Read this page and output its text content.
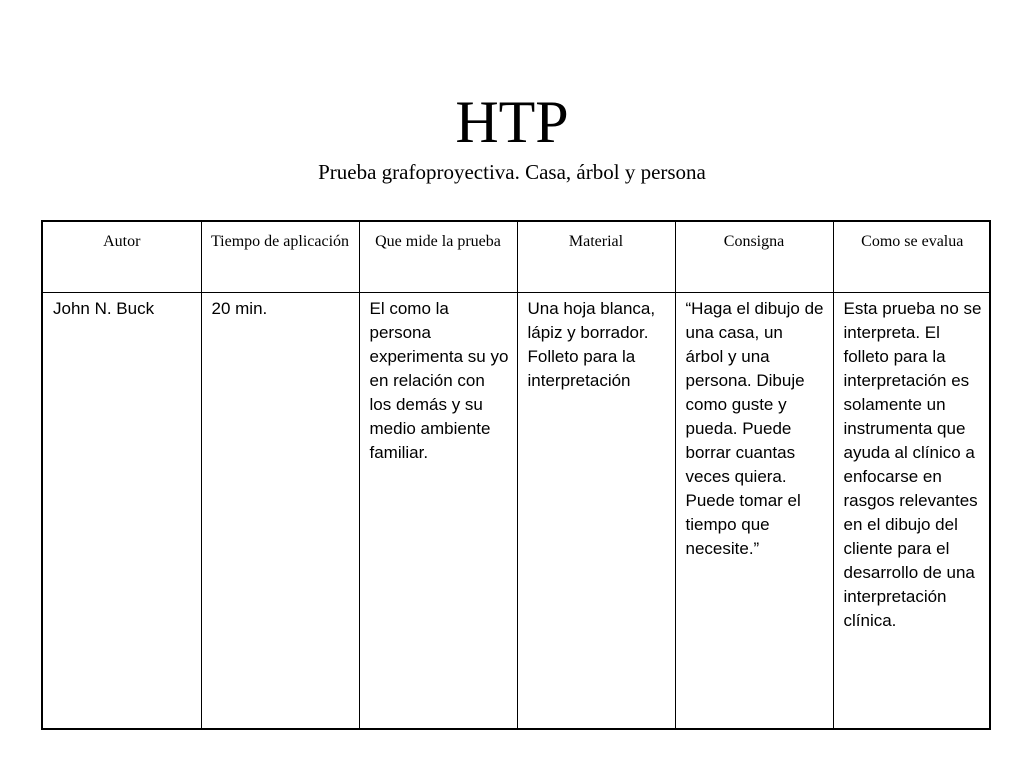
HTP
Prueba grafoproyectiva. Casa, árbol y persona
Autor	Tiempo de aplicación	Que mide la prueba	Material	Consigna	Como se evalua
John N. Buck	20 min.	El como la persona experimenta su yo en relación con los demás y su medio ambiente familiar.	Una hoja blanca, lápiz y borrador. Folleto para la interpretación	“Haga el dibujo de una casa, un árbol y una persona. Dibuje como guste y pueda. Puede borrar cuantas veces quiera. Puede tomar el tiempo que necesite.”	Esta prueba no se interpreta. El folleto para la interpretación es solamente un instrumenta que ayuda al clínico a enfocarse en rasgos relevantes en el dibujo del cliente para el desarrollo de una interpretación clínica.
